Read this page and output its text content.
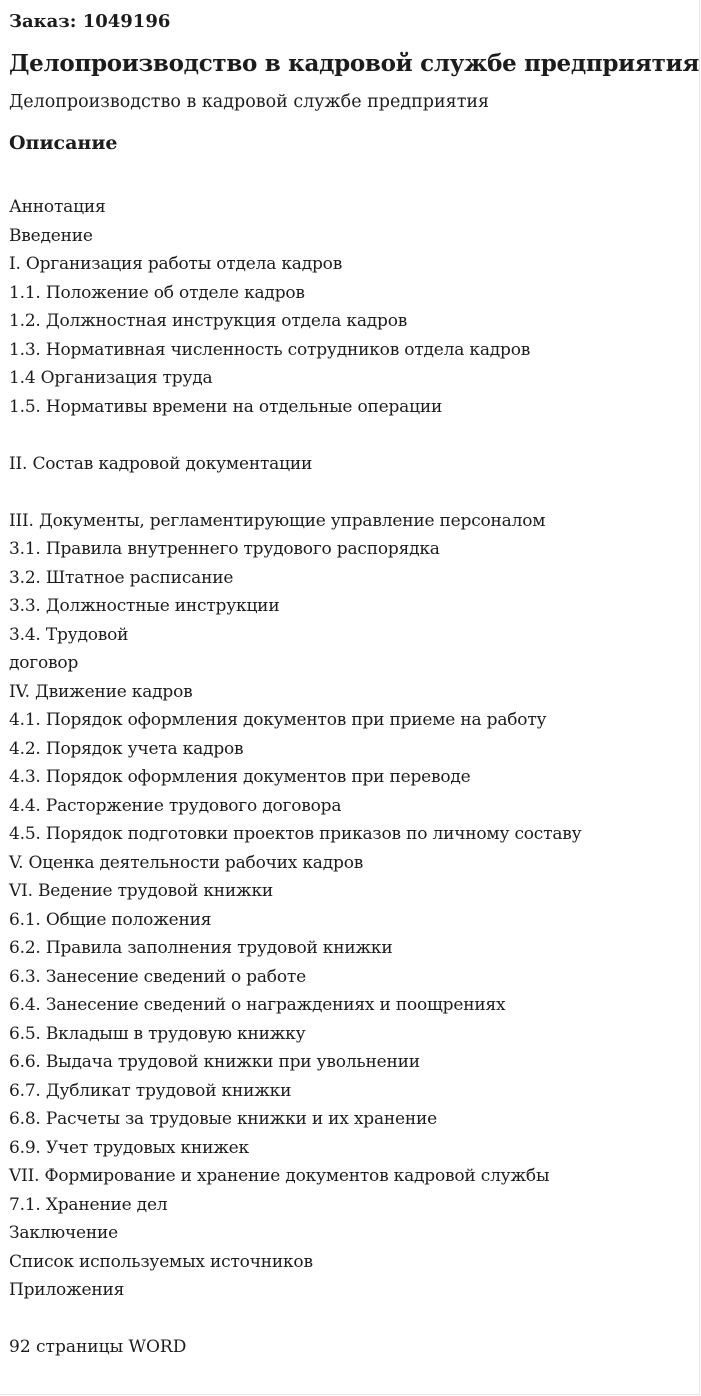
Заказ: 1049196
Делопроизводство в кадровой службе предприятия
Делопроизводство в кадровой службе предприятия
Описание
Аннотация
Введение
I. Организация работы отдела кадров
1.1. Положение об отделе кадров
1.2. Должностная инструкция отдела кадров
1.3. Нормативная численность сотрудников отдела кадров
1.4 Организация труда
1.5. Нормативы времени на отдельные операции
II. Состав кадровой документации
III. Документы, регламентирующие управление персоналом
3.1. Правила внутреннего трудового распорядка
3.2. Штатное расписание
3.3. Должностные инструкции
3.4. Трудовой
договор
IV. Движение кадров
4.1. Порядок оформления документов при приеме на работу
4.2. Порядок учета кадров
4.3. Порядок оформления документов при переводе
4.4. Расторжение трудового договора
4.5. Порядок подготовки проектов приказов по личному составу
V. Оценка деятельности рабочих кадров
VI. Ведение трудовой книжки
6.1. Общие положения
6.2. Правила заполнения трудовой книжки
6.3. Занесение сведений о работе
6.4. Занесение сведений о награждениях и поощрениях
6.5. Вкладыш в трудовую книжку
6.6. Выдача трудовой книжки при увольнении
6.7. Дубликат трудовой книжки
6.8. Расчеты за трудовые книжки и их хранение
6.9. Учет трудовых книжек
VII. Формирование и хранение документов кадровой службы
7.1. Хранение дел
Заключение
Список используемых источников
Приложения
92 страницы WORD
